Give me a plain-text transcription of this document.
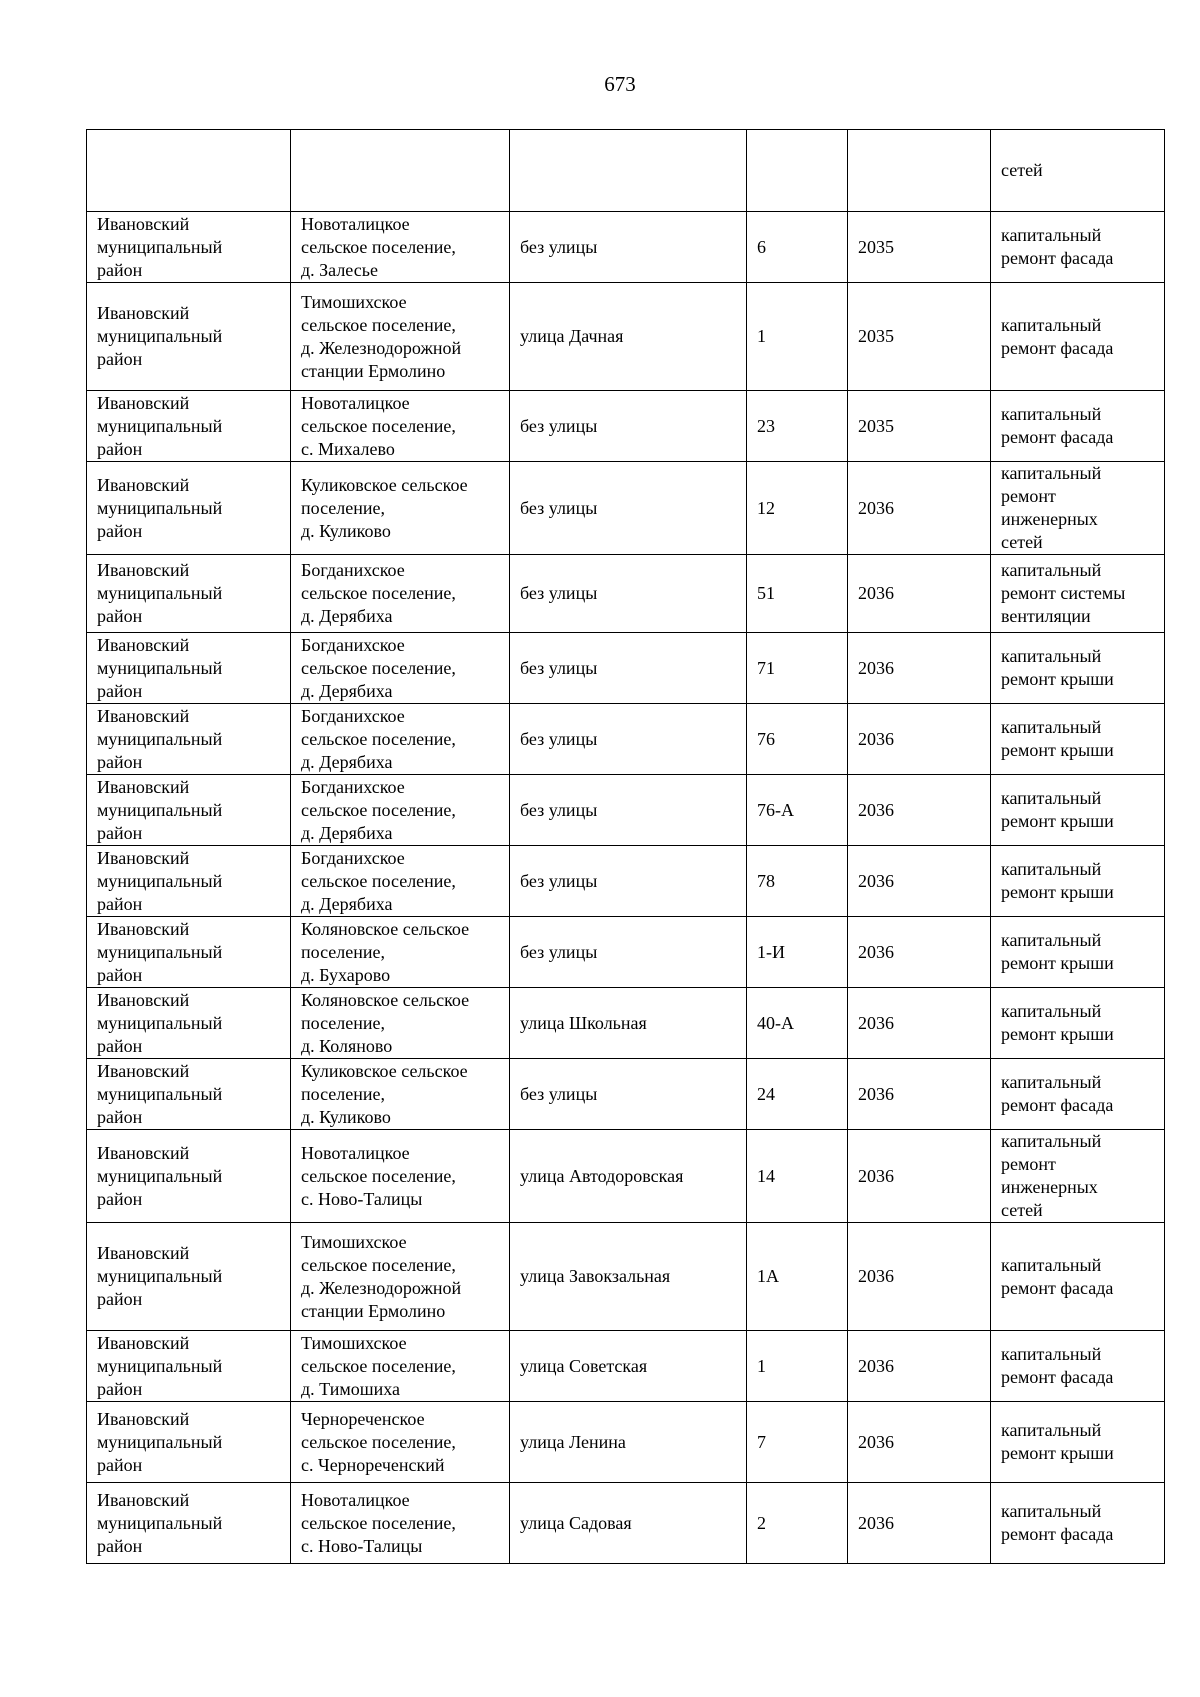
673
					сетей
Ивановский
муниципальный
район	Новоталицкое
сельское поселение,
д. Залесье	без улицы	6	2035	капитальный
ремонт фасада
Ивановский
муниципальный
район	Тимошихское
сельское поселение,
д. Железнодорожной
станции Ермолино	улица Дачная	1	2035	капитальный
ремонт фасада
Ивановский
муниципальный
район	Новоталицкое
сельское поселение,
с. Михалево	без улицы	23	2035	капитальный
ремонт фасада
Ивановский
муниципальный
район	Куликовское сельское
поселение,
д. Куликово	без улицы	12	2036	капитальный
ремонт
инженерных
сетей
Ивановский
муниципальный
район	Богданихское
сельское поселение,
д. Дерябиха	без улицы	51	2036	капитальный
ремонт системы
вентиляции
Ивановский
муниципальный
район	Богданихское
сельское поселение,
д. Дерябиха	без улицы	71	2036	капитальный
ремонт крыши
Ивановский
муниципальный
район	Богданихское
сельское поселение,
д. Дерябиха	без улицы	76	2036	капитальный
ремонт крыши
Ивановский
муниципальный
район	Богданихское
сельское поселение,
д. Дерябиха	без улицы	76-А	2036	капитальный
ремонт крыши
Ивановский
муниципальный
район	Богданихское
сельское поселение,
д. Дерябиха	без улицы	78	2036	капитальный
ремонт крыши
Ивановский
муниципальный
район	Коляновское сельское
поселение,
д. Бухарово	без улицы	1-И	2036	капитальный
ремонт крыши
Ивановский
муниципальный
район	Коляновское сельское
поселение,
д. Коляново	улица Школьная	40-А	2036	капитальный
ремонт крыши
Ивановский
муниципальный
район	Куликовское сельское
поселение,
д. Куликово	без улицы	24	2036	капитальный
ремонт фасада
Ивановский
муниципальный
район	Новоталицкое
сельское поселение,
с. Ново-Талицы	улица Автодоровская	14	2036	капитальный
ремонт
инженерных
сетей
Ивановский
муниципальный
район	Тимошихское
сельское поселение,
д. Железнодорожной
станции Ермолино	улица Завокзальная	1А	2036	капитальный
ремонт фасада
Ивановский
муниципальный
район	Тимошихское
сельское поселение,
д. Тимошиха	улица Советская	1	2036	капитальный
ремонт фасада
Ивановский
муниципальный
район	Чернореченское
сельское поселение,
с. Чернореченский	улица Ленина	7	2036	капитальный
ремонт крыши
Ивановский
муниципальный
район	Новоталицкое
сельское поселение,
с. Ново-Талицы	улица Садовая	2	2036	капитальный
ремонт фасада
